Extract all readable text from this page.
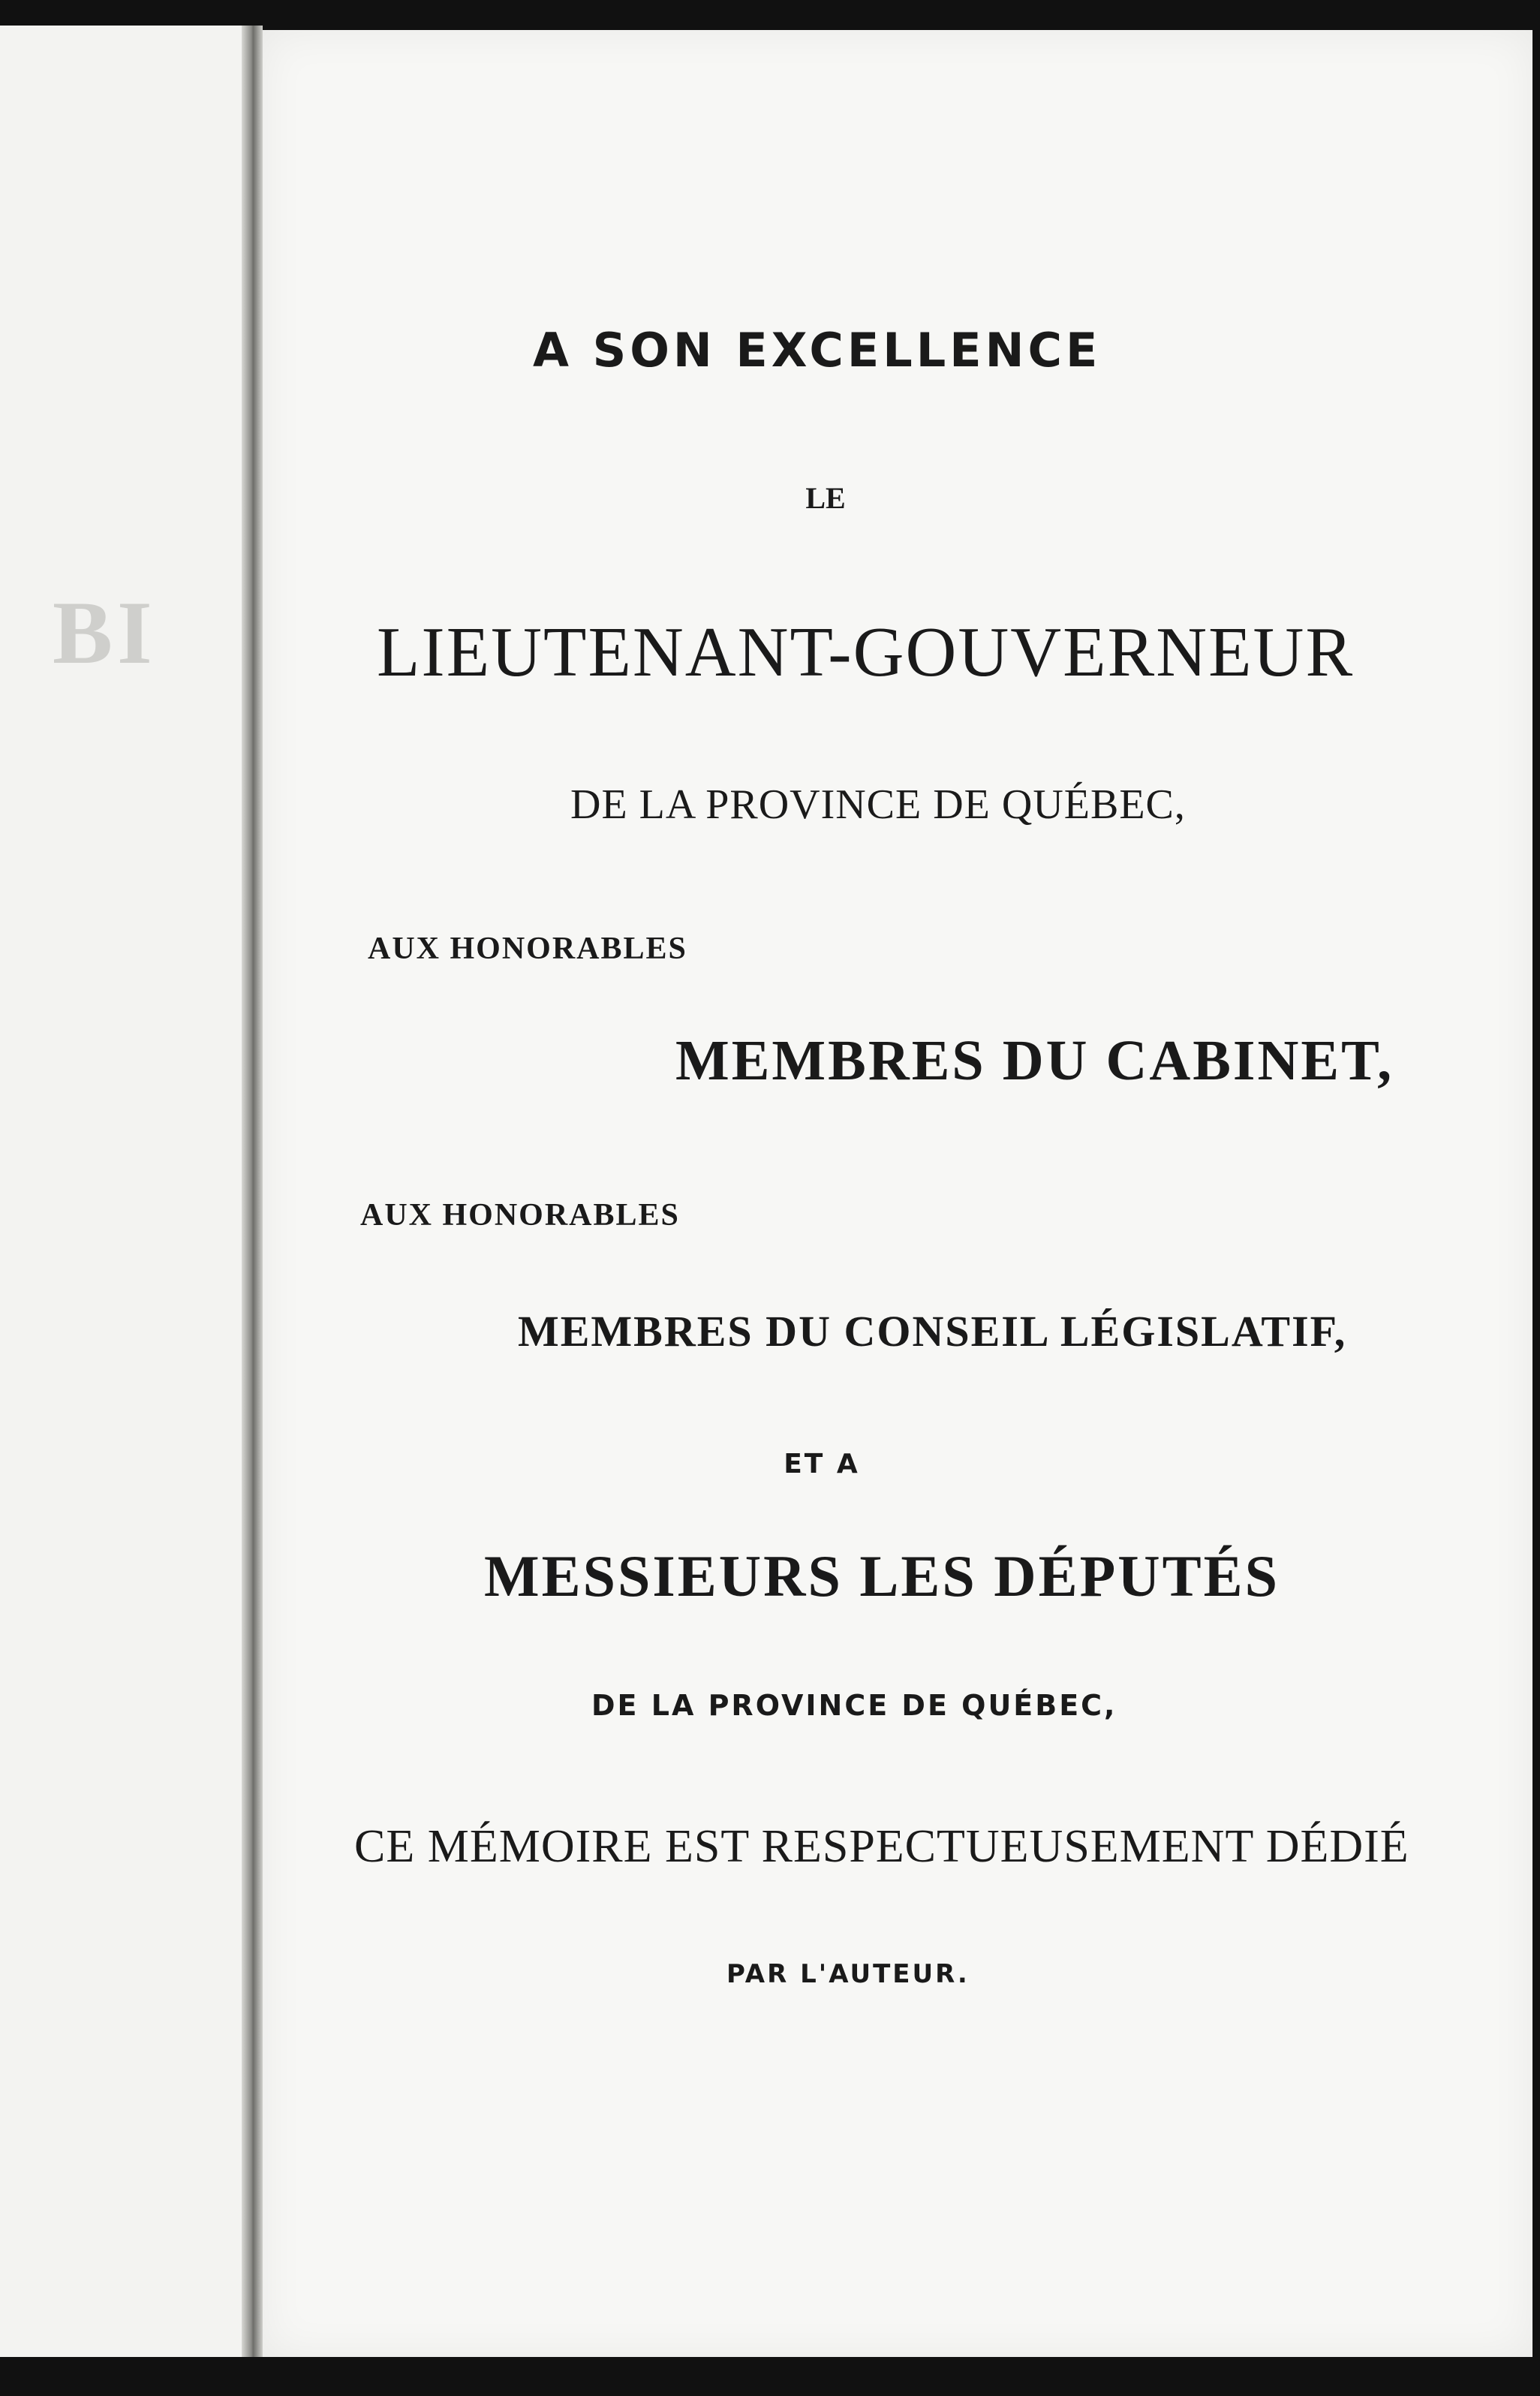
BI
A SON EXCELLENCE
LE
LIEUTENANT-GOUVERNEUR
DE LA PROVINCE DE QUÉBEC,
AUX HONORABLES
MEMBRES DU CABINET,
AUX HONORABLES
MEMBRES DU CONSEIL LÉGISLATIF,
ET A
MESSIEURS LES DÉPUTÉS
DE LA PROVINCE DE QUÉBEC,
CE MÉMOIRE EST RESPECTUEUSEMENT DÉDIÉ
PAR L'AUTEUR.
